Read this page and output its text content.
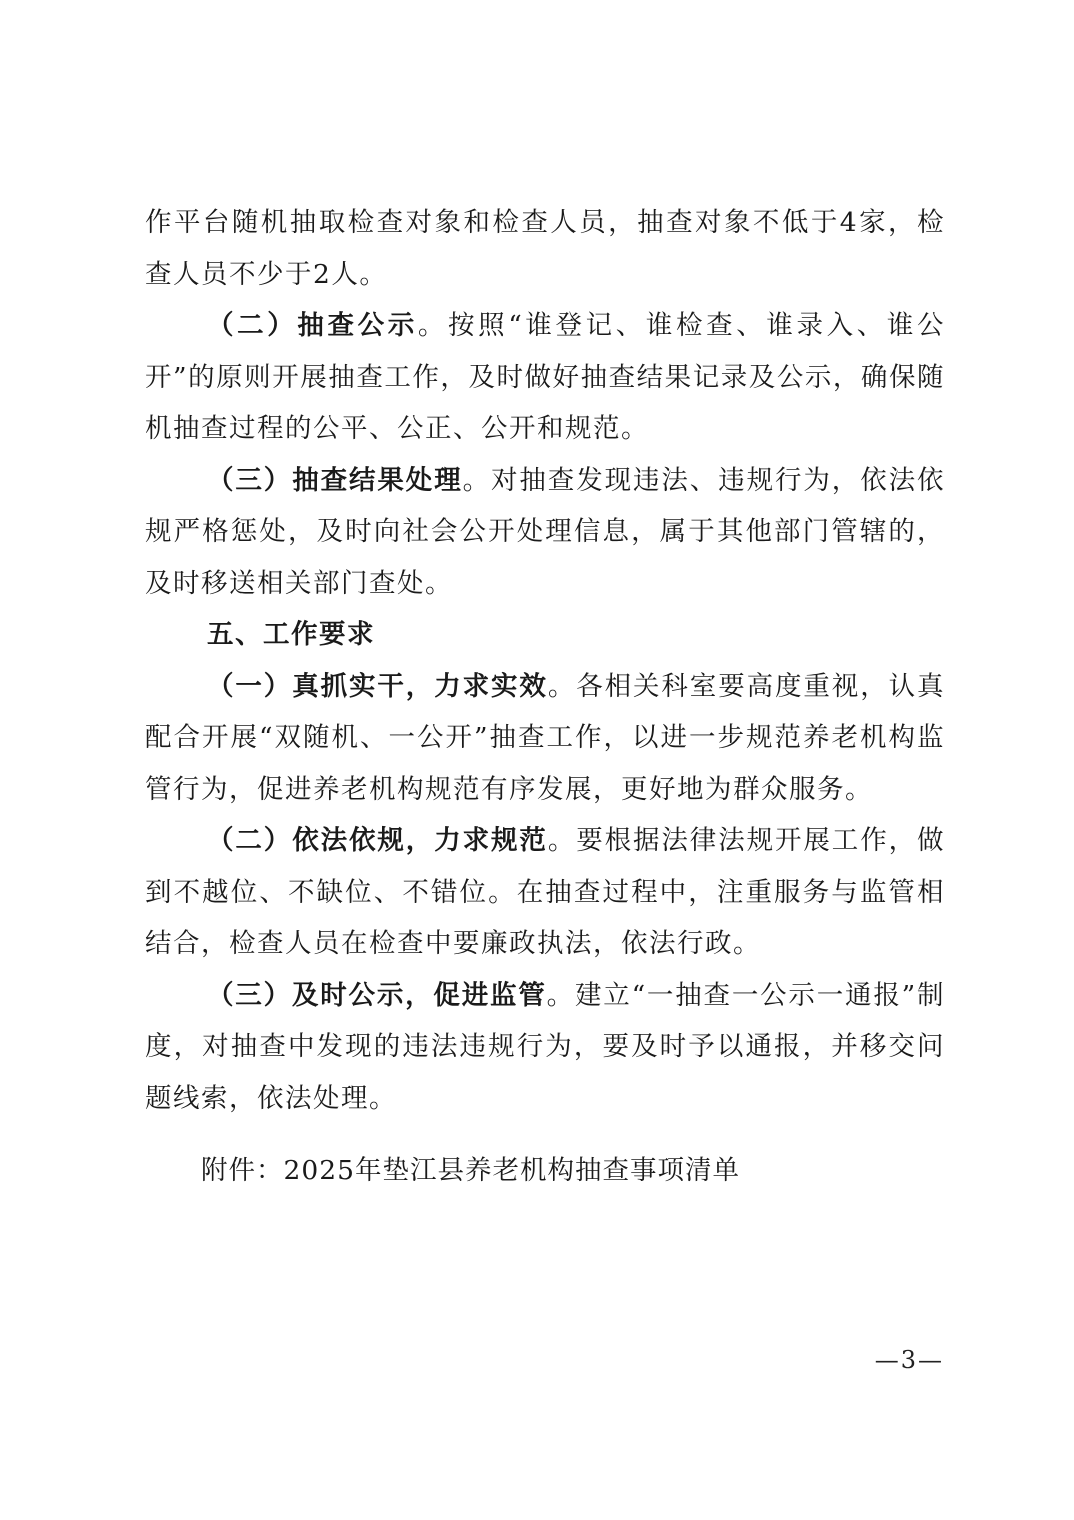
作平台随机抽取检查对象和检查人员，抽查对象不低于4家，检查人员不少于2人。

（二）抽查公示。按照“谁登记、谁检查、谁录入、谁公开”的原则开展抽查工作，及时做好抽查结果记录及公示，确保随机抽查过程的公平、公正、公开和规范。

（三）抽查结果处理。对抽查发现违法、违规行为，依法依规严格惩处，及时向社会公开处理信息，属于其他部门管辖的，及时移送相关部门查处。

五、工作要求

（一）真抓实干，力求实效。各相关科室要高度重视，认真配合开展“双随机、一公开”抽查工作，以进一步规范养老机构监管行为，促进养老机构规范有序发展，更好地为群众服务。

（二）依法依规，力求规范。要根据法律法规开展工作，做到不越位、不缺位、不错位。在抽查过程中，注重服务与监管相结合，检查人员在检查中要廉政执法，依法行政。

（三）及时公示，促进监管。建立“一抽查一公示一通报”制度，对抽查中发现的违法违规行为，要及时予以通报，并移交问题线索，依法处理。

附件：2025年垫江县养老机构抽查事项清单

—3—
